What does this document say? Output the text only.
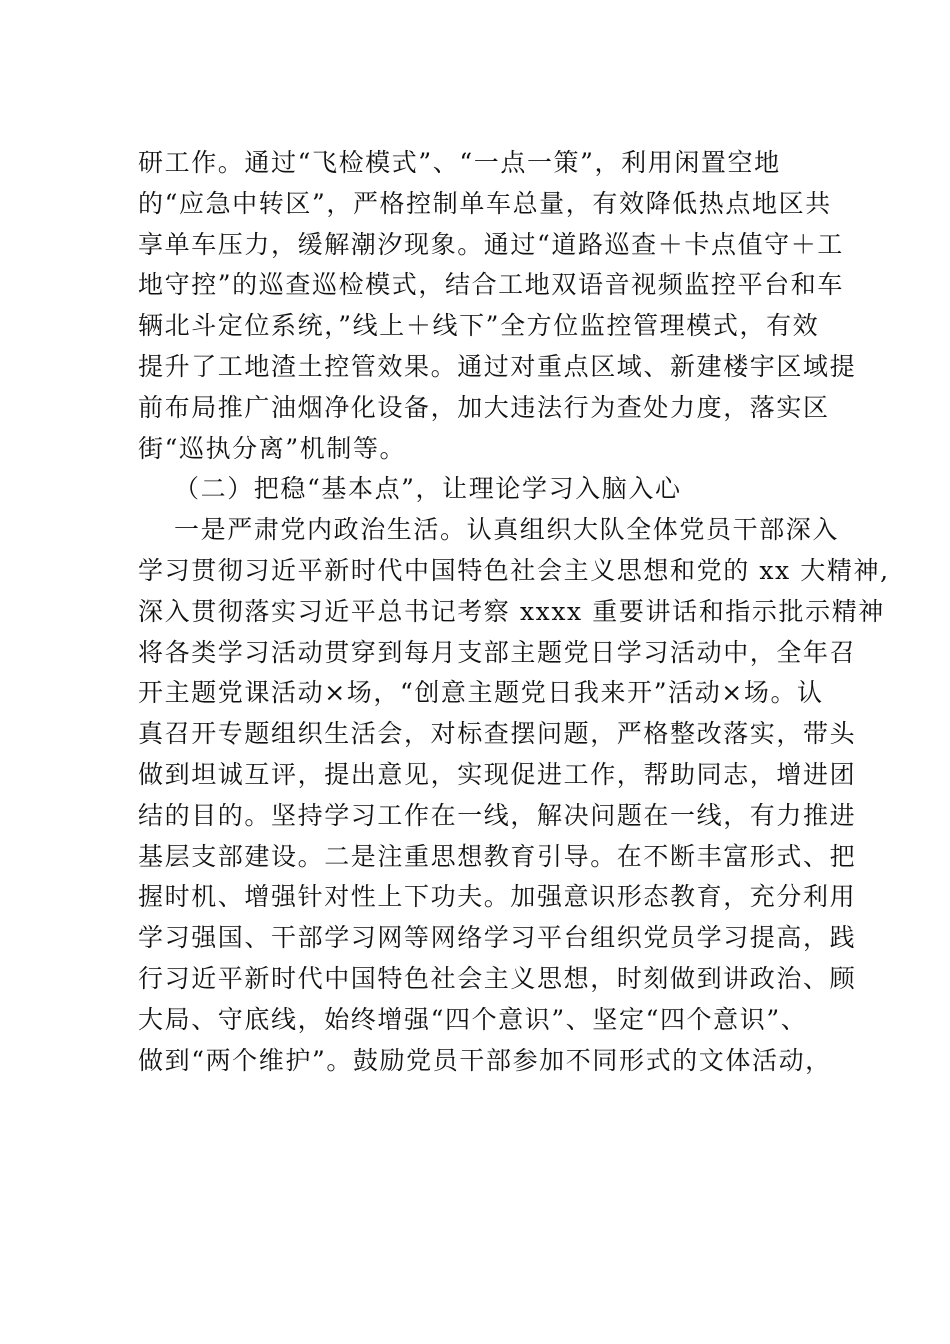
研工作。通过“飞检模式”、“一点一策”，利用闲置空地
的“应急中转区”，严格控制单车总量，有效降低热点地区共
享单车压力，缓解潮汐现象。通过“道路巡查＋卡点值守＋工
地守控”的巡查巡检模式，结合工地双语音视频监控平台和车
辆北斗定位系统，”线上＋线下”全方位监控管理模式，有效
提升了工地渣土控管效果。通过对重点区域、新建楼宇区域提
前布局推广油烟净化设备，加大违法行为查处力度，落实区
街“巡执分离”机制等。
（二）把稳“基本点”，让理论学习入脑入心
一是严肃党内政治生活。认真组织大队全体党员干部深入
学习贯彻习近平新时代中国特色社会主义思想和党的 xx 大精神,
深入贯彻落实习近平总书记考察 xxxx 重要讲话和指示批示精神
将各类学习活动贯穿到每月支部主题党日学习活动中，全年召
开主题党课活动×场，“创意主题党日我来开”活动×场。认
真召开专题组织生活会，对标查摆问题，严格整改落实，带头
做到坦诚互评，提出意见，实现促进工作，帮助同志，增进团
结的目的。坚持学习工作在一线，解决问题在一线，有力推进
基层支部建设。二是注重思想教育引导。在不断丰富形式、把
握时机、增强针对性上下功夫。加强意识形态教育，充分利用
学习强国、干部学习网等网络学习平台组织党员学习提高，践
行习近平新时代中国特色社会主义思想，时刻做到讲政治、顾
大局、守底线，始终增强“四个意识”、坚定“四个意识”、
做到“两个维护”。鼓励党员干部参加不同形式的文体活动，
